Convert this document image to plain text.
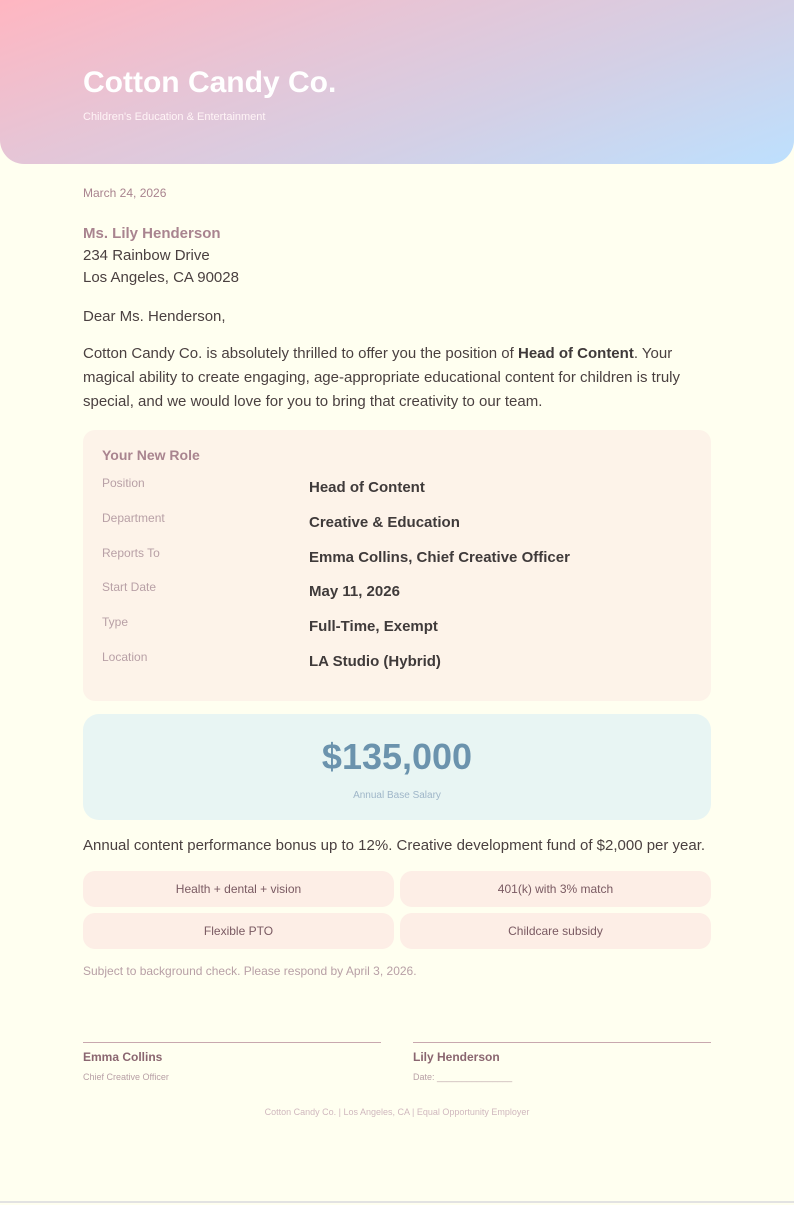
Cotton Candy Co.
Children's Education & Entertainment
March 24, 2026
Ms. Lily Henderson
234 Rainbow Drive
Los Angeles, CA 90028
Dear Ms. Henderson,

Cotton Candy Co. is absolutely thrilled to offer you the position of Head of Content. Your magical ability to create engaging, age-appropriate educational content for children is truly special, and we would love for you to bring that creativity to our team.

Your New Role
Position	Head of Content
Department	Creative & Education
Reports To	Emma Collins, Chief Creative Officer
Start Date	May 11, 2026
Type	Full-Time, Exempt
Location	LA Studio (Hybrid)
$135,000
Annual Base Salary
Annual content performance bonus up to 12%. Creative development fund of $2,000 per year.
Health + dental + vision	401(k) with 3% match
Flexible PTO	Childcare subsidy
Subject to background check. Please respond by April 3, 2026.
Emma Collins
Chief Creative Officer
Lily Henderson
Date: _______________
Cotton Candy Co. | Los Angeles, CA | Equal Opportunity Employer
